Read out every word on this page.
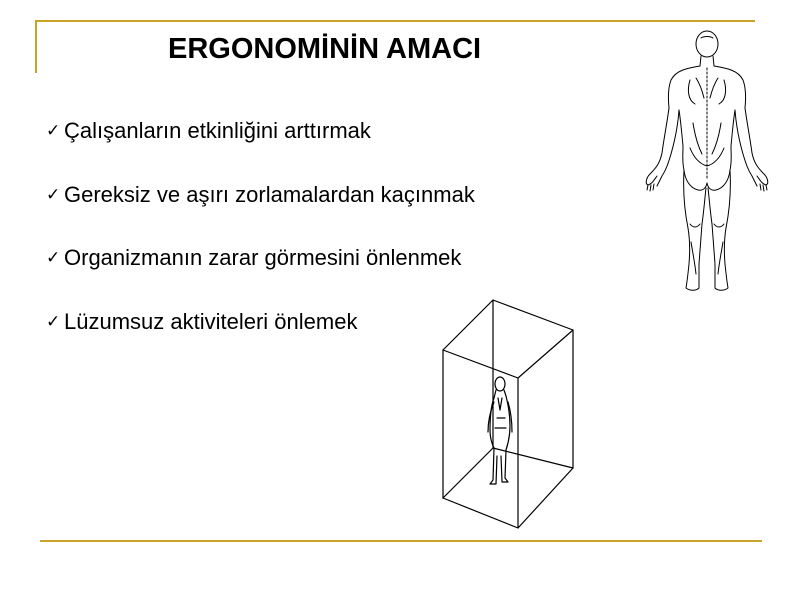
ERGONOMİNİN AMACI
✓ Çalışanların etkinliğini arttırmak
✓ Gereksiz ve aşırı zorlamalardan kaçınmak
✓ Organizmanın zarar görmesini önlenmek
✓ Lüzumsuz aktiviteleri önlemek
